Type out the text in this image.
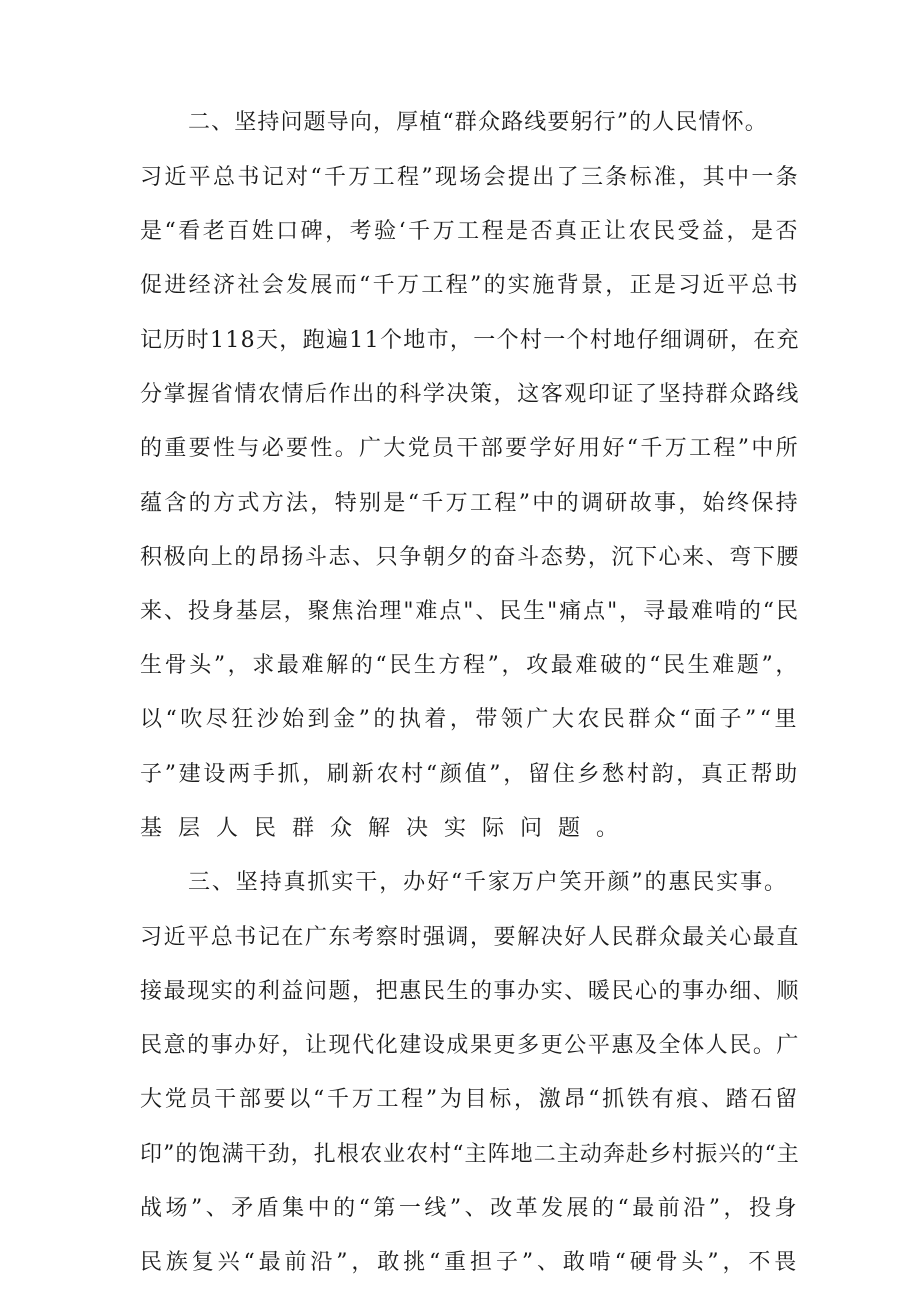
二、坚持问题导向，厚植“群众路线要躬行”的人民情怀。
习近平总书记对“千万工程”现场会提出了三条标准，其中一条
是“看老百姓口碑，考验‘千万工程是否真正让农民受益，是否
促进经济社会发展而“千万工程”的实施背景，正是习近平总书
记历时118天，跑遍11个地市，一个村一个村地仔细调研，在充
分掌握省情农情后作出的科学决策，这客观印证了坚持群众路线
的重要性与必要性。广大党员干部要学好用好“千万工程”中所
蕴含的方式方法，特别是“千万工程”中的调研故事，始终保持
积极向上的昂扬斗志、只争朝夕的奋斗态势，沉下心来、弯下腰
来、投身基层，聚焦治理"难点"、民生"痛点"，寻最难啃的“民
生骨头”，求最难解的“民生方程”，攻最难破的“民生难题”，
以“吹尽狂沙始到金”的执着，带领广大农民群众“面子”“里
子”建设两手抓，刷新农村“颜值”，留住乡愁村韵，真正帮助
基层人民群众解决实际问题。
三、坚持真抓实干，办好“千家万户笑开颜”的惠民实事。
习近平总书记在广东考察时强调，要解决好人民群众最关心最直
接最现实的利益问题，把惠民生的事办实、暖民心的事办细、顺
民意的事办好，让现代化建设成果更多更公平惠及全体人民。广
大党员干部要以“千万工程”为目标，激昂“抓铁有痕、踏石留
印”的饱满干劲，扎根农业农村“主阵地二主动奔赴乡村振兴的“主
战场”、矛盾集中的“第一线”、改革发展的“最前沿”，投身
民族复兴“最前沿”，敢挑“重担子”、敢啃“硬骨头”，不畏
